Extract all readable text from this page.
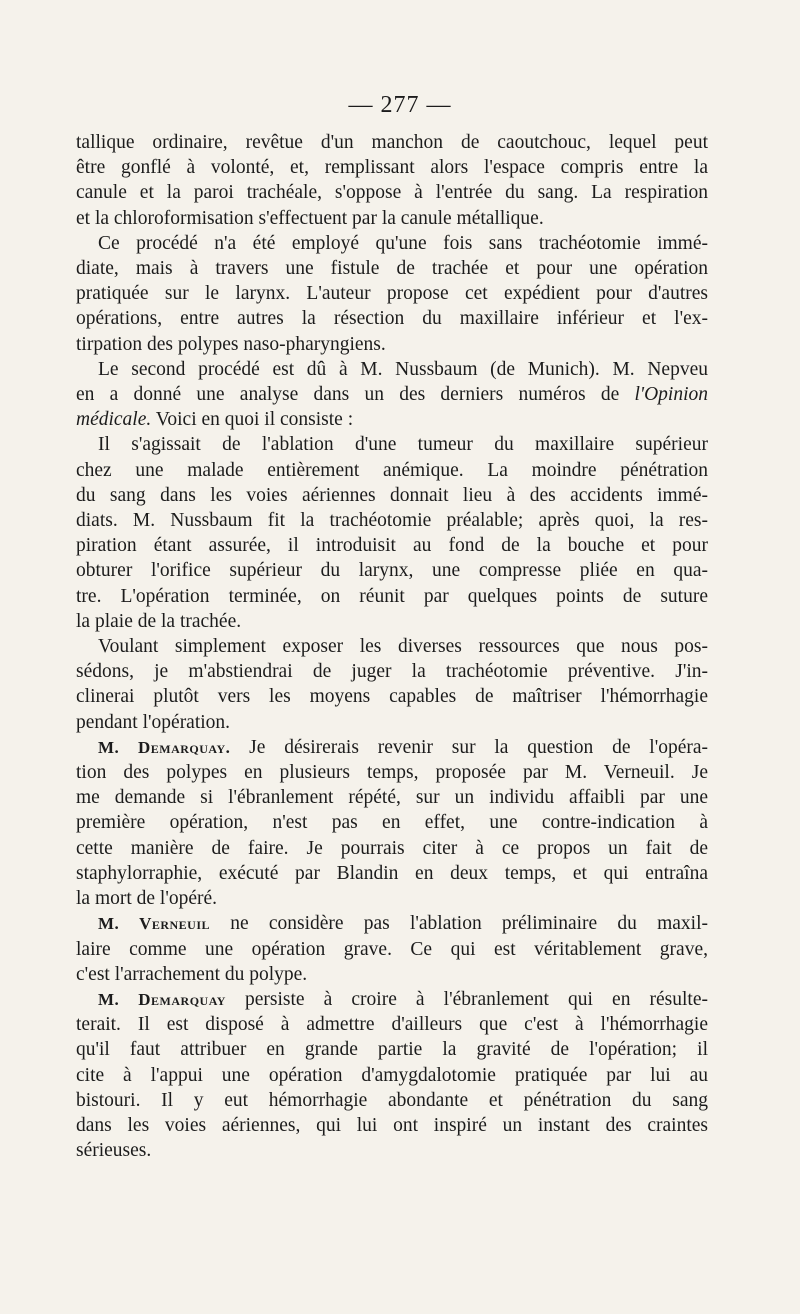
— 277 —
tallique ordinaire, revêtue d'un manchon de caoutchouc, lequel peut
être gonflé à volonté, et, remplissant alors l'espace compris entre la
canule et la paroi trachéale, s'oppose à l'entrée du sang. La respiration
et la chloroformisation s'effectuent par la canule métallique.
Ce procédé n'a été employé qu'une fois sans trachéotomie immé-
diate, mais à travers une fistule de trachée et pour une opération
pratiquée sur le larynx. L'auteur propose cet expédient pour d'autres
opérations, entre autres la résection du maxillaire inférieur et l'ex-
tirpation des polypes naso-pharyngiens.
Le second procédé est dû à M. Nussbaum (de Munich). M. Nepveu
en a donné une analyse dans un des derniers numéros de l'Opinion
médicale. Voici en quoi il consiste :
Il s'agissait de l'ablation d'une tumeur du maxillaire supérieur
chez une malade entièrement anémique. La moindre pénétration
du sang dans les voies aériennes donnait lieu à des accidents immé-
diats. M. Nussbaum fit la trachéotomie préalable; après quoi, la res-
piration étant assurée, il introduisit au fond de la bouche et pour
obturer l'orifice supérieur du larynx, une compresse pliée en qua-
tre. L'opération terminée, on réunit par quelques points de suture
la plaie de la trachée.
Voulant simplement exposer les diverses ressources que nous pos-
sédons, je m'abstiendrai de juger la trachéotomie préventive. J'in-
clinerai plutôt vers les moyens capables de maîtriser l'hémorrhagie
pendant l'opération.
M. Demarquay. Je désirerais revenir sur la question de l'opéra-
tion des polypes en plusieurs temps, proposée par M. Verneuil. Je
me demande si l'ébranlement répété, sur un individu affaibli par une
première opération, n'est pas en effet, une contre-indication à
cette manière de faire. Je pourrais citer à ce propos un fait de
staphylorraphie, exécuté par Blandin en deux temps, et qui entraîna
la mort de l'opéré.
M. Verneuil ne considère pas l'ablation préliminaire du maxil-
laire comme une opération grave. Ce qui est véritablement grave,
c'est l'arrachement du polype.
M. Demarquay persiste à croire à l'ébranlement qui en résulte-
terait. Il est disposé à admettre d'ailleurs que c'est à l'hémorrhagie
qu'il faut attribuer en grande partie la gravité de l'opération; il
cite à l'appui une opération d'amygdalotomie pratiquée par lui au
bistouri. Il y eut hémorrhagie abondante et pénétration du sang
dans les voies aériennes, qui lui ont inspiré un instant des craintes
sérieuses.
